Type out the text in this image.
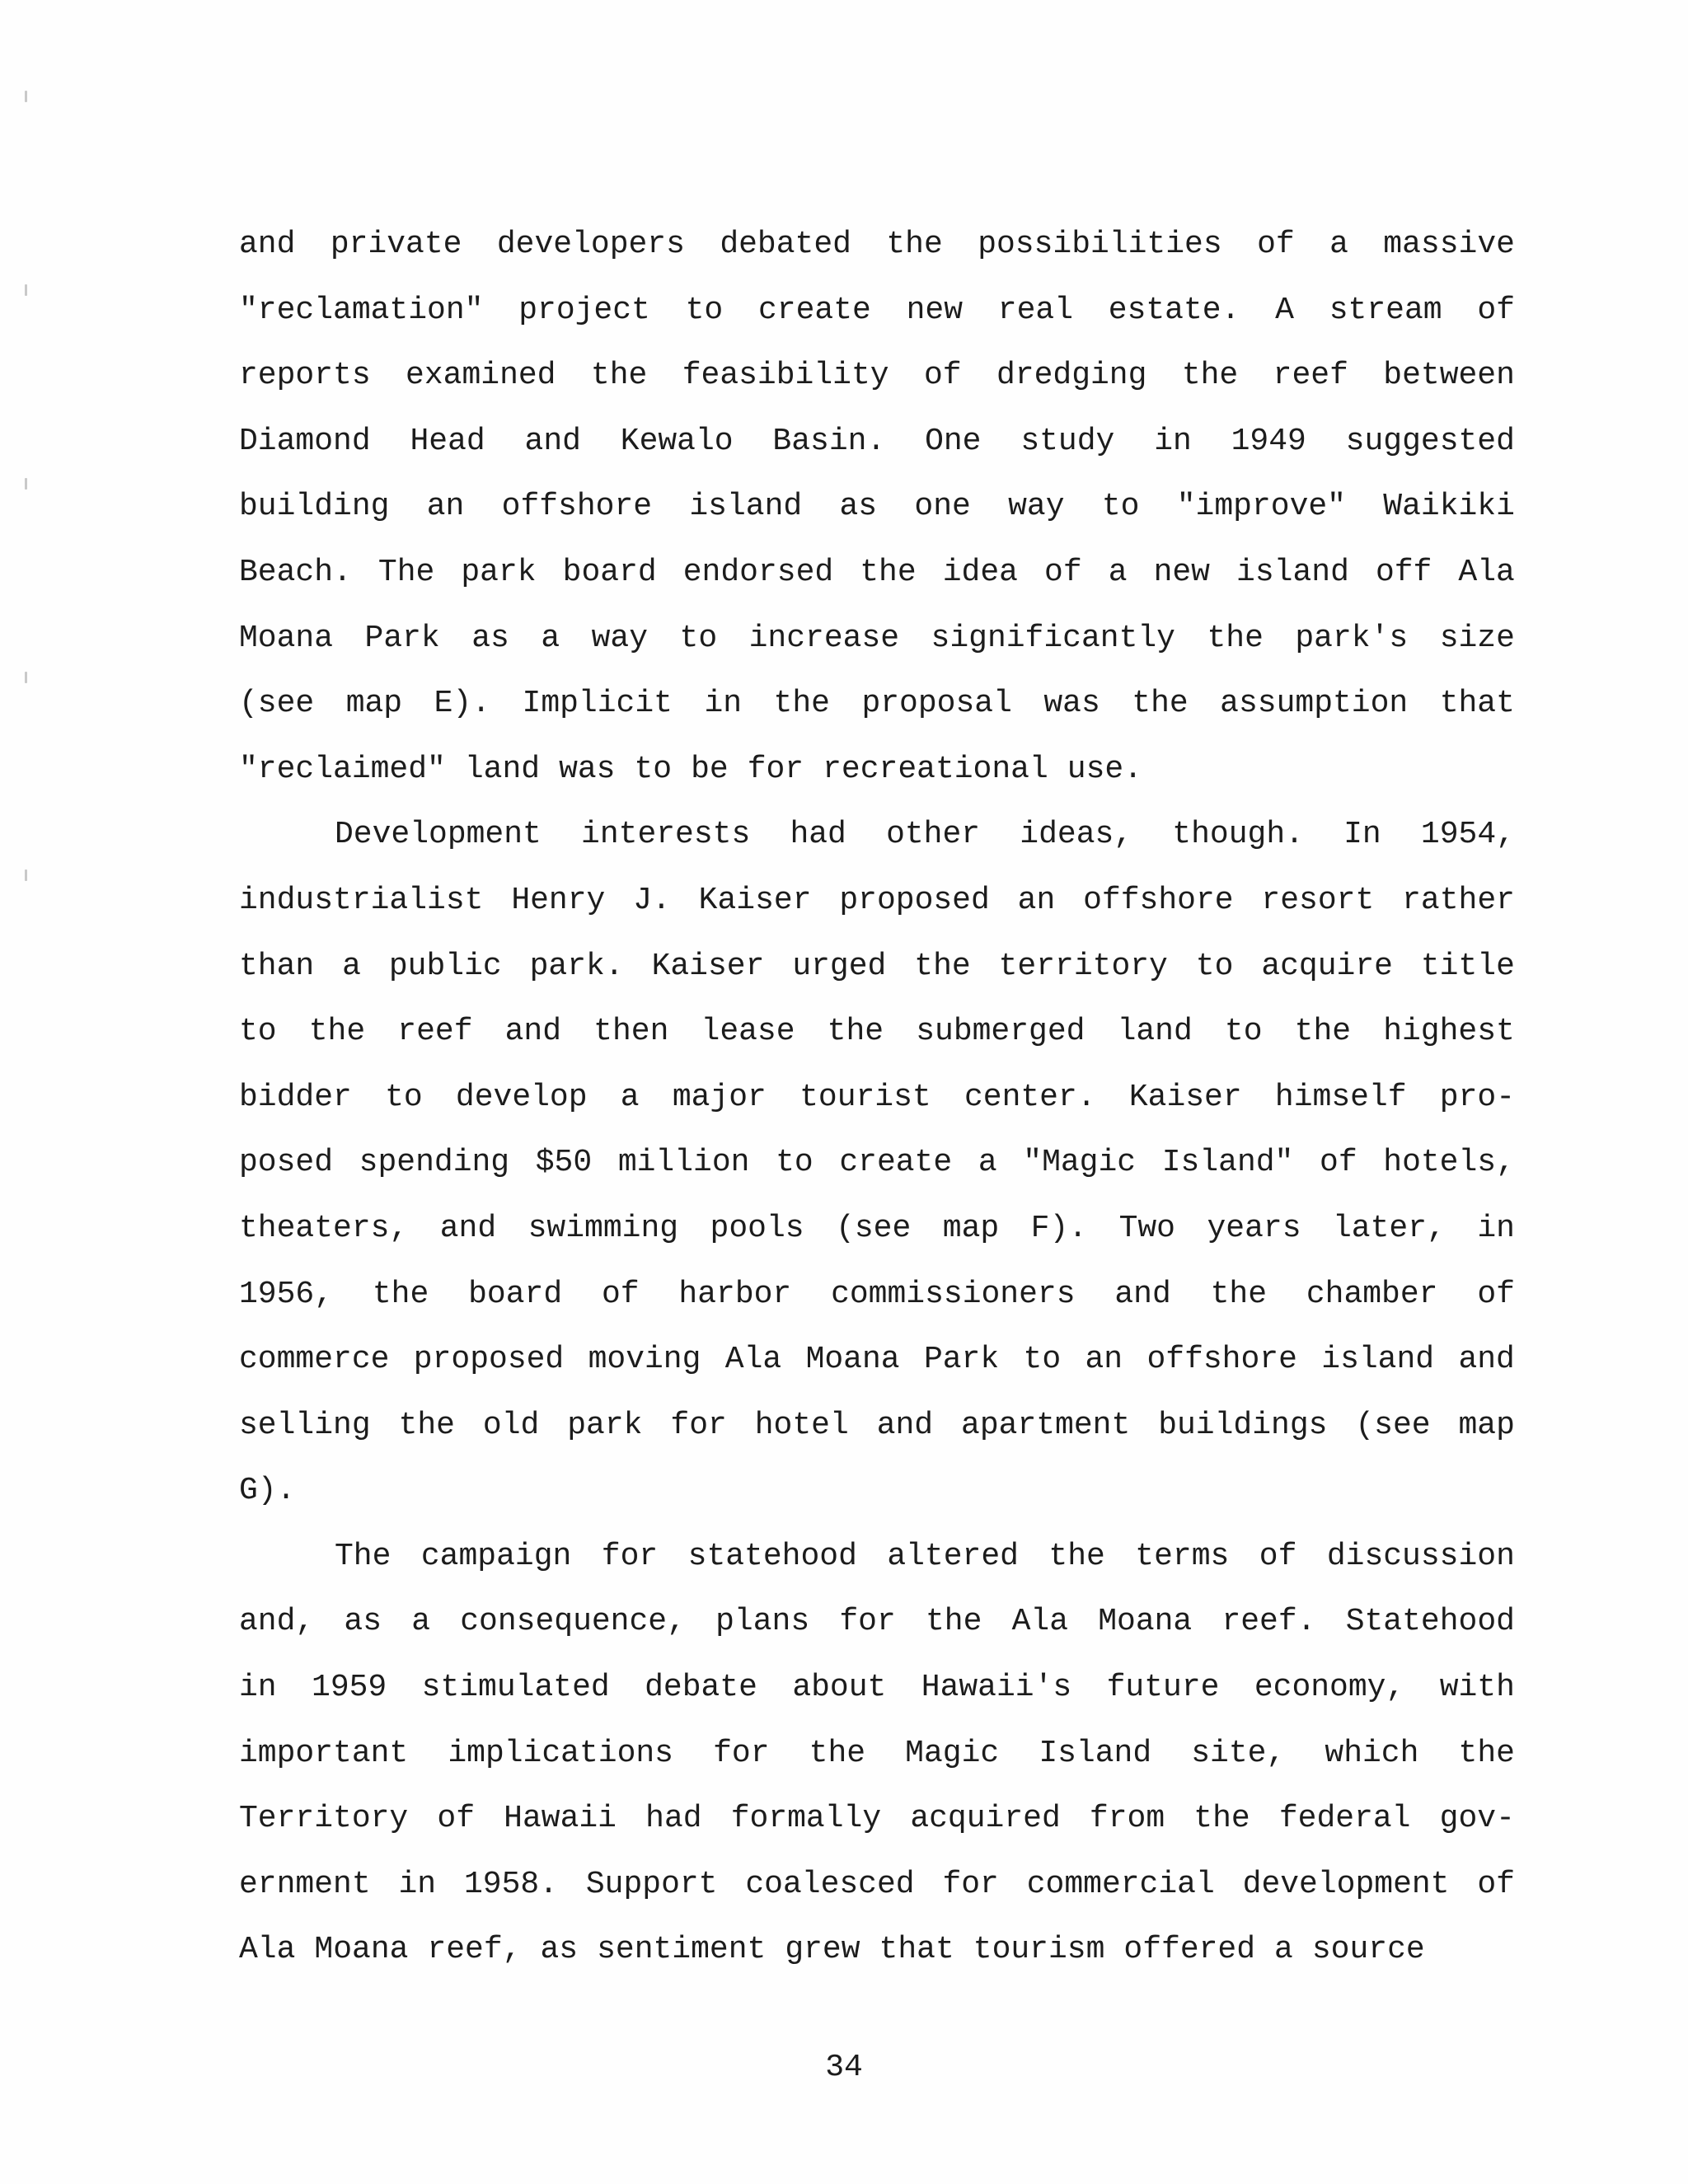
and private developers debated the possibilities of a massive
"reclamation" project to create new real estate. A stream of
reports examined the feasibility of dredging the reef between
Diamond Head and Kewalo Basin. One study in 1949 suggested
building an offshore island as one way to "improve" Waikiki
Beach. The park board endorsed the idea of a new island off Ala
Moana Park as a way to increase significantly the park's size
(see map E). Implicit in the proposal was the assumption that
"reclaimed" land was to be for recreational use.
Development interests had other ideas, though. In 1954,
industrialist Henry J. Kaiser proposed an offshore resort rather
than a public park. Kaiser urged the territory to acquire title
to the reef and then lease the submerged land to the highest
bidder to develop a major tourist center. Kaiser himself pro-
posed spending $50 million to create a "Magic Island" of hotels,
theaters, and swimming pools (see map F). Two years later, in
1956, the board of harbor commissioners and the chamber of
commerce proposed moving Ala Moana Park to an offshore island and
selling the old park for hotel and apartment buildings (see map
G).
The campaign for statehood altered the terms of discussion
and, as a consequence, plans for the Ala Moana reef. Statehood
in 1959 stimulated debate about Hawaii's future economy, with
important implications for the Magic Island site, which the
Territory of Hawaii had formally acquired from the federal gov-
ernment in 1958. Support coalesced for commercial development of
Ala Moana reef, as sentiment grew that tourism offered a source
34
